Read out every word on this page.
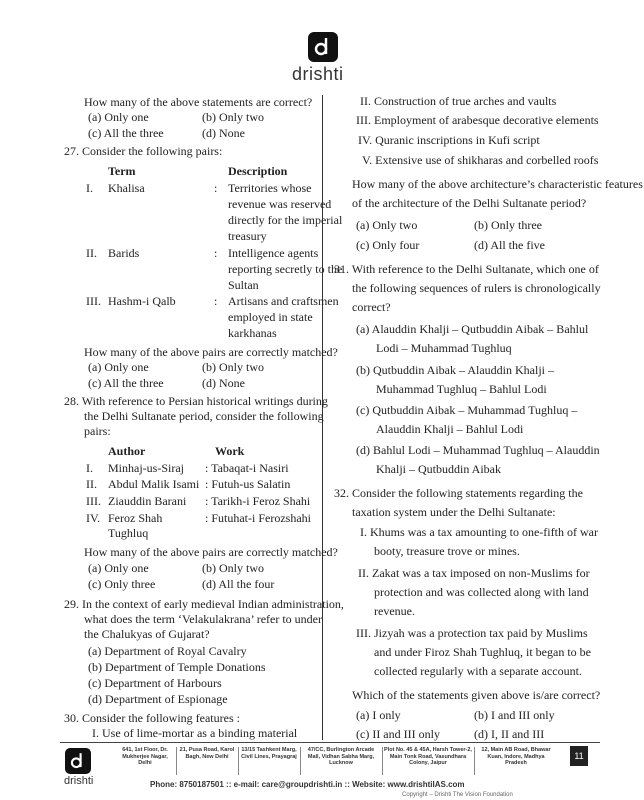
drishti
How many of the above statements are correct?
(a) Only one	(b) Only two
(c) All the three	(d) None
27. Consider the following pairs:
Term	Description
I. Khalisa	: Territories whose
revenue was reserved
directly for the imperial
treasury
II. Barids	: Intelligence agents
reporting secretly to the
Sultan
III. Hashm-i Qalb	: Artisans and craftsmen
employed in state
karkhanas
How many of the above pairs are correctly matched?
(a) Only one	(b) Only two
(c) All the three	(d) None
28. With reference to Persian historical writings during
the Delhi Sultanate period, consider the following
pairs:
Author	Work
I. Minhaj-us-Siraj : Tabaqat-i Nasiri
II. Abdul Malik Isami : Futuh-us Salatin
III. Ziauddin Barani : Tarikh-i Feroz Shahi
IV. Feroz Shah
Tughluq
: Futuhat-i Ferozshahi
How many of the above pairs are correctly matched?
(a) Only one	(b) Only two
(c) Only three	(d) All the four
29. In the context of early medieval Indian administration,
what does the term ‘Velakulakrana’ refer to under
the Chalukyas of Gujarat?
(a) Department of Royal Cavalry
(b) Department of Temple Donations
(c) Department of Harbours
(d) Department of Espionage
30. Consider the following features :
I. Use of lime-mortar as a binding material
II. Construction of true arches and vaults
III. Employment of arabesque decorative elements
IV. Quranic inscriptions in Kufi script
V. Extensive use of shikharas and corbelled roofs
How many of the above architecture’s characteristic features
of the architecture of the Delhi Sultanate period?
(a) Only two	(b) Only three
(c) Only four	(d) All the five
31. With reference to the Delhi Sultanate, which one of
the following sequences of rulers is chronologically
correct?
(a) Alauddin Khalji – Qutbuddin Aibak – Bahlul
Lodi – Muhammad Tughluq
(b) Qutbuddin Aibak – Alauddin Khalji –
Muhammad Tughluq – Bahlul Lodi
(c) Qutbuddin Aibak – Muhammad Tughluq –
Alauddin Khalji – Bahlul Lodi
(d) Bahlul Lodi – Muhammad Tughluq – Alauddin
Khalji – Qutbuddin Aibak
32. Consider the following statements regarding the
taxation system under the Delhi Sultanate:
I. Khums was a tax amounting to one-fifth of war
booty, treasure trove or mines.
II. Zakat was a tax imposed on non-Muslims for
protection and was collected along with land
revenue.
III. Jizyah was a protection tax paid by Muslims
and under Firoz Shah Tughluq, it began to be
collected regularly with a separate account.
Which of the statements given above is/are correct?
(a) I only	(b) I and III only
(c) II and III only	(d) I, II and III
drishti
641, 1st Floor, Dr. Mukherjee Nagar, Delhi
21, Pusa Road, Karol Bagh, New Delhi
13/15 Tashkent Marg, Civil Lines, Prayagraj
47/CC, Burlington Arcade Mall, Vidhan Sabha Marg, Lucknow
Plot No. 45 & 45A, Harsh Tower-2, Main Tonk Road, Vasundhara Colony, Jaipur
12, Main AB Road, Bhawar Kuan, Indore, Madhya Pradesh
11
Phone: 8750187501 :: e-mail: care@groupdrishti.in :: Website: www.drishtiIAS.com
Copyright – Drishti The Vision Foundation
